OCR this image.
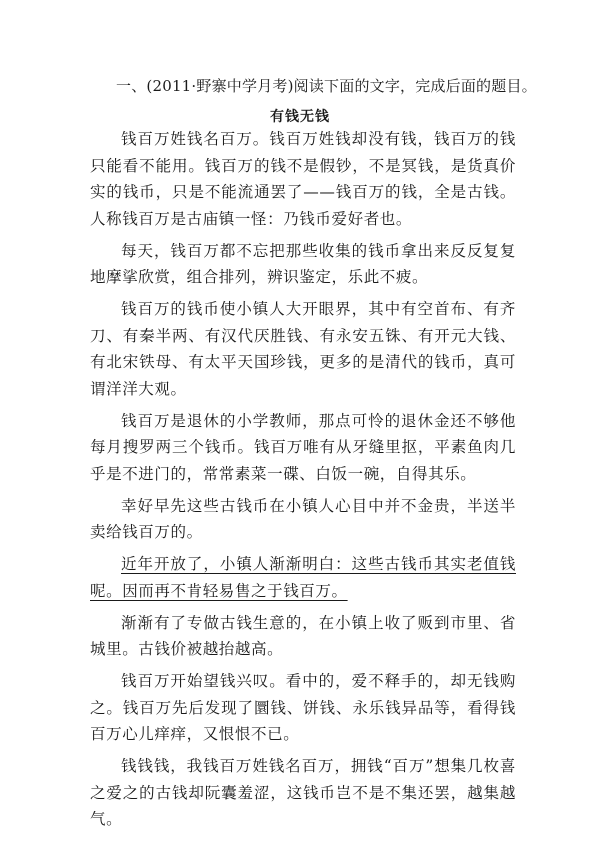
一、(2011·野寨中学月考)阅读下面的文字，完成后面的题目。
有钱无钱

钱百万姓钱名百万。钱百万姓钱却没有钱，钱百万的钱只能看不能用。钱百万的钱不是假钞，不是冥钱，是货真价实的钱币，只是不能流通罢了——钱百万的钱，全是古钱。人称钱百万是古庙镇一怪：乃钱币爱好者也。

每天，钱百万都不忘把那些收集的钱币拿出来反反复复地摩挲欣赏，组合排列，辨识鉴定，乐此不疲。

钱百万的钱币使小镇人大开眼界，其中有空首布、有齐刀、有秦半两、有汉代厌胜钱、有永安五铢、有开元大钱、有北宋铁母、有太平天国珍钱，更多的是清代的钱币，真可谓洋洋大观。

钱百万是退休的小学教师，那点可怜的退休金还不够他每月搜罗两三个钱币。钱百万唯有从牙缝里抠，平素鱼肉几乎是不进门的，常常素菜一碟、白饭一碗，自得其乐。

幸好早先这些古钱币在小镇人心目中并不金贵，半送半卖给钱百万的。

近年开放了，小镇人渐渐明白：这些古钱币其实老值钱呢。因而再不肯轻易售之于钱百万。

渐渐有了专做古钱生意的，在小镇上收了贩到市里、省城里。古钱价被越抬越高。

钱百万开始望钱兴叹。看中的，爱不释手的，却无钱购之。钱百万先后发现了圜钱、饼钱、永乐钱异品等，看得钱百万心儿痒痒，又恨恨不已。

钱钱钱，我钱百万姓钱名百万，拥钱“百万”想集几枚喜之爱之的古钱却阮囊羞涩，这钱币岂不是不集还罢，越集越气。
